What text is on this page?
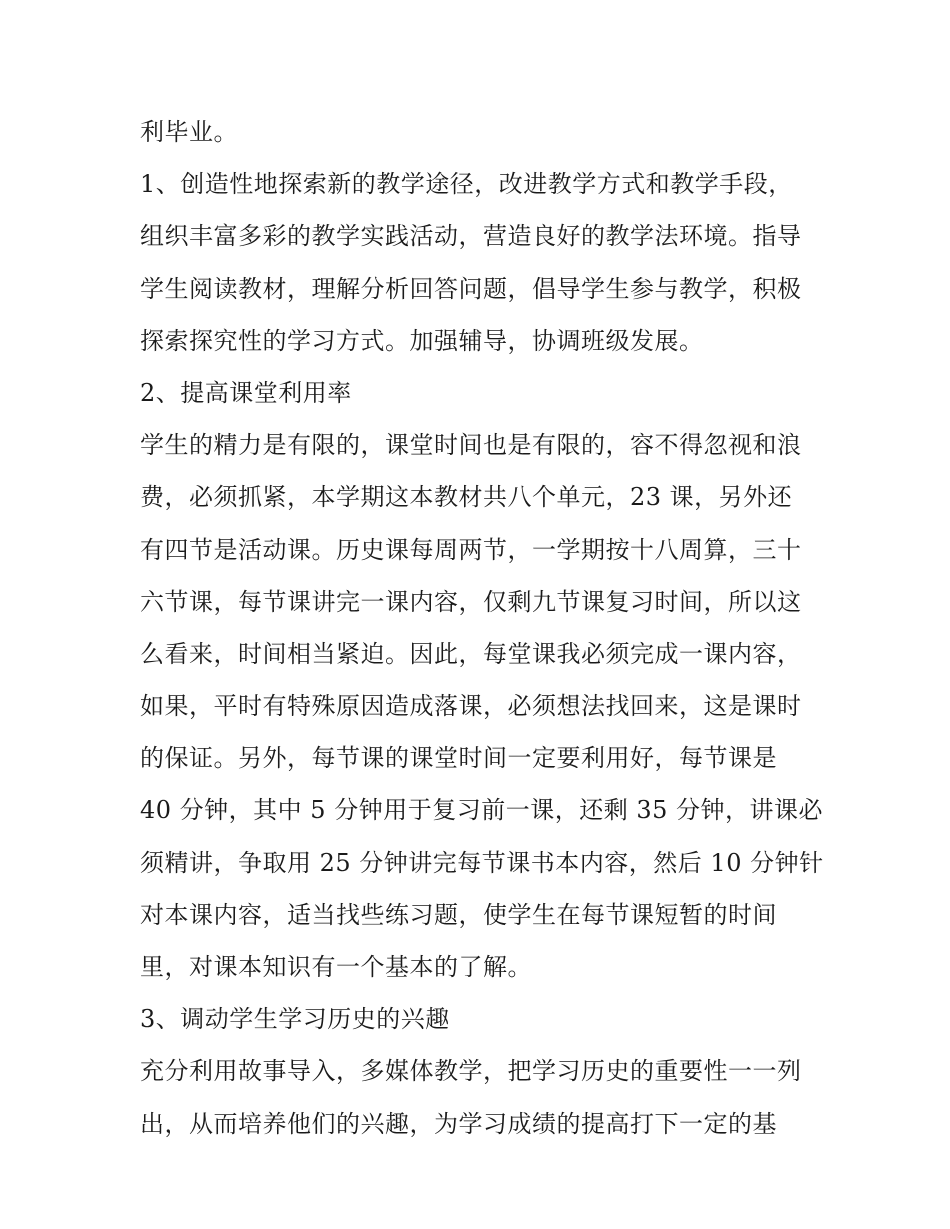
利毕业。
1、创造性地探索新的教学途径，改进教学方式和教学手段，
组织丰富多彩的教学实践活动，营造良好的教学法环境。指导
学生阅读教材，理解分析回答问题，倡导学生参与教学，积极
探索探究性的学习方式。加强辅导，协调班级发展。
2、提高课堂利用率
学生的精力是有限的，课堂时间也是有限的，容不得忽视和浪
费，必须抓紧，本学期这本教材共八个单元，23 课，另外还
有四节是活动课。历史课每周两节，一学期按十八周算，三十
六节课，每节课讲完一课内容，仅剩九节课复习时间，所以这
么看来，时间相当紧迫。因此，每堂课我必须完成一课内容，
如果，平时有特殊原因造成落课，必须想法找回来，这是课时
的保证。另外，每节课的课堂时间一定要利用好，每节课是
40 分钟，其中 5 分钟用于复习前一课，还剩 35 分钟，讲课必
须精讲，争取用 25 分钟讲完每节课书本内容，然后 10 分钟针
对本课内容，适当找些练习题，使学生在每节课短暂的时间
里，对课本知识有一个基本的了解。
3、调动学生学习历史的兴趣
充分利用故事导入，多媒体教学，把学习历史的重要性一一列
出，从而培养他们的兴趣，为学习成绩的提高打下一定的基
